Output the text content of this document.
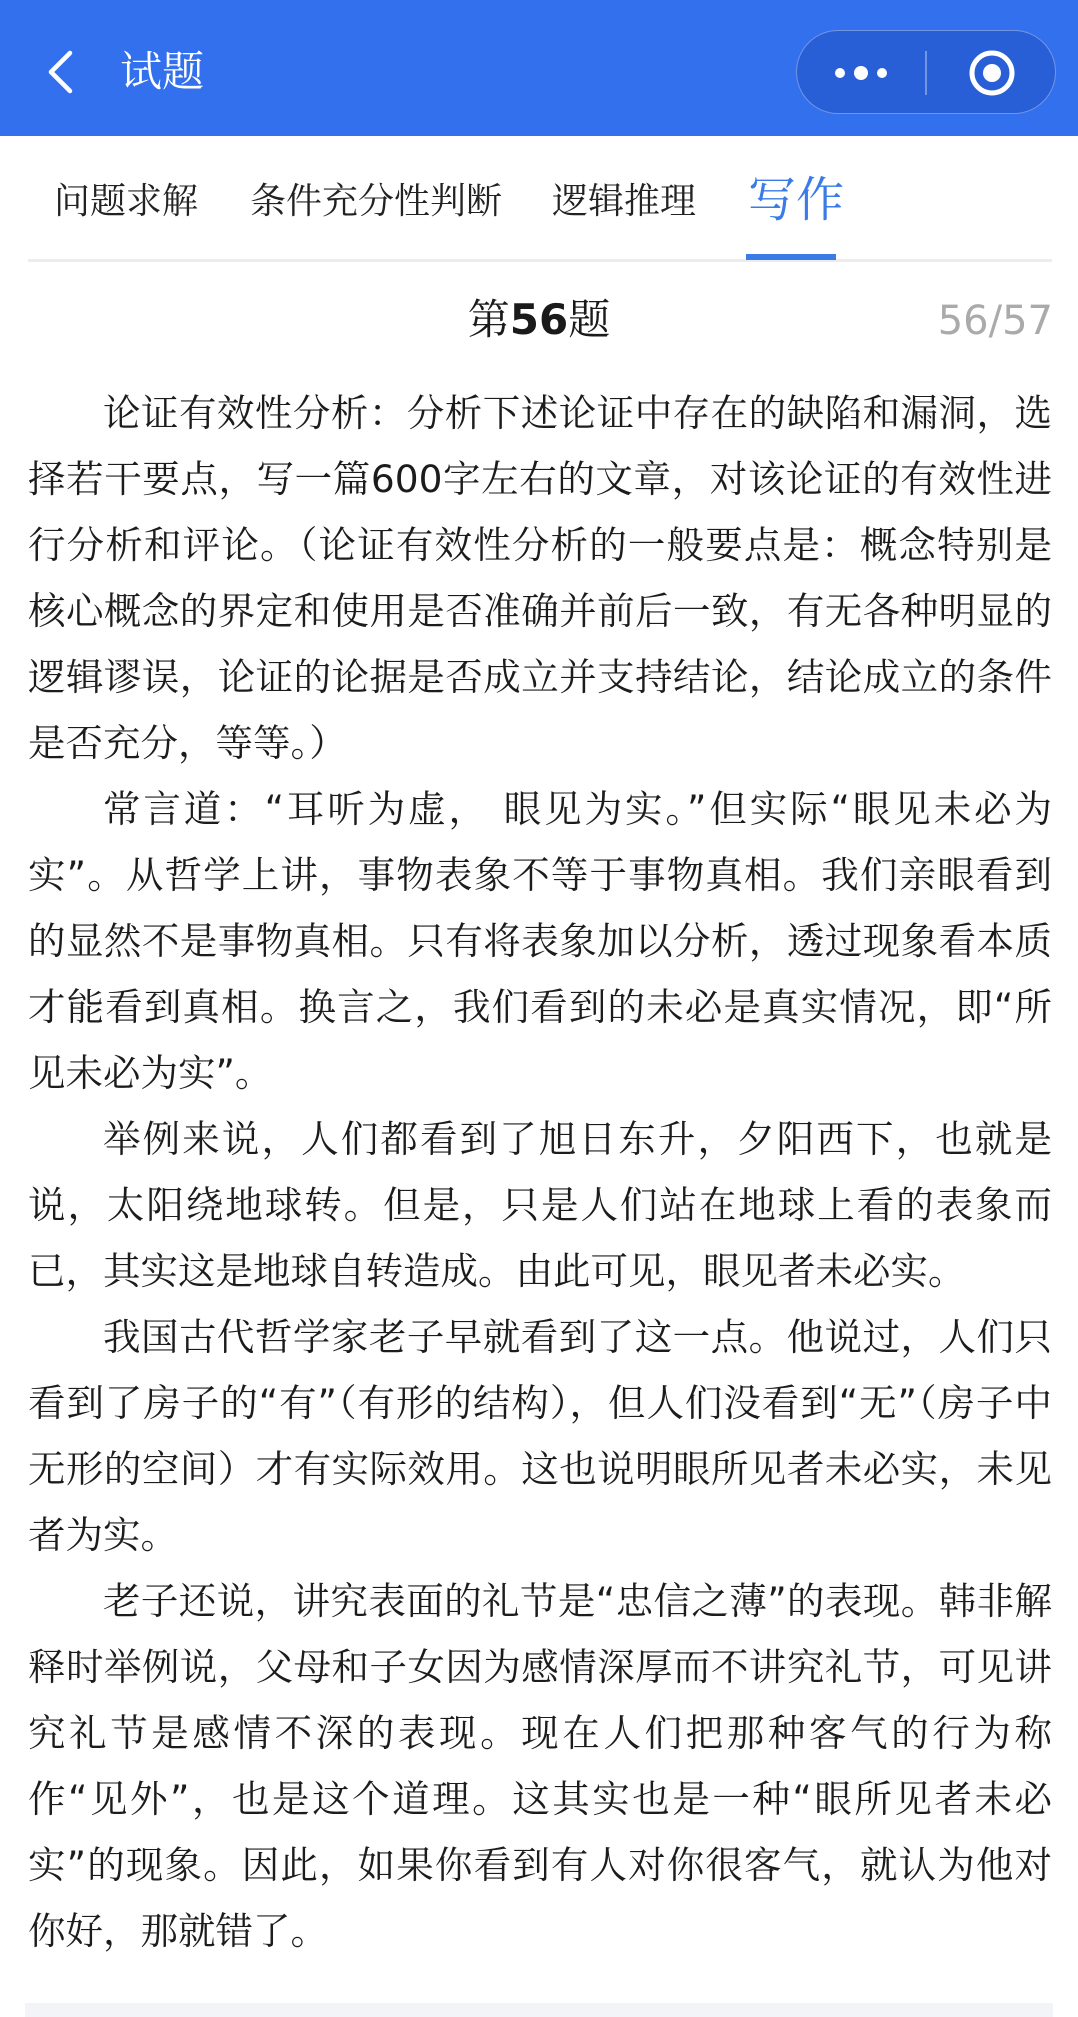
试题
问题求解 条件充分性判断 逻辑推理 写作
第56题	56/57

论证有效性分析：分析下述论证中存在的缺陷和漏洞，选择若干要点，写一篇600字左右的文章，对该论证的有效性进行分析和评论。（论证有效性分析的一般要点是：概念特别是核心概念的界定和使用是否准确并前后一致，有无各种明显的逻辑谬误，论证的论据是否成立并支持结论，结论成立的条件是否充分，等等。）

常言道：“耳听为虚， 眼见为实。”但实际“眼见未必为实”。从哲学上讲，事物表象不等于事物真相。我们亲眼看到的显然不是事物真相。只有将表象加以分析，透过现象看本质才能看到真相。换言之，我们看到的未必是真实情况，即“所见未必为实”。

举例来说，人们都看到了旭日东升，夕阳西下，也就是说，太阳绕地球转。但是，只是人们站在地球上看的表象而已，其实这是地球自转造成。由此可见，眼见者未必实。

我国古代哲学家老子早就看到了这一点。他说过，人们只看到了房子的“有”（有形的结构），但人们没看到“无”（房子中无形的空间）才有实际效用。这也说明眼所见者未必实，未见者为实。

老子还说，讲究表面的礼节是“忠信之薄”的表现。韩非解释时举例说，父母和子女因为感情深厚而不讲究礼节，可见讲究礼节是感情不深的表现。现在人们把那种客气的行为称作“见外”，也是这个道理。这其实也是一种“眼所见者未必实”的现象。因此，如果你看到有人对你很客气，就认为他对你好，那就错了。
